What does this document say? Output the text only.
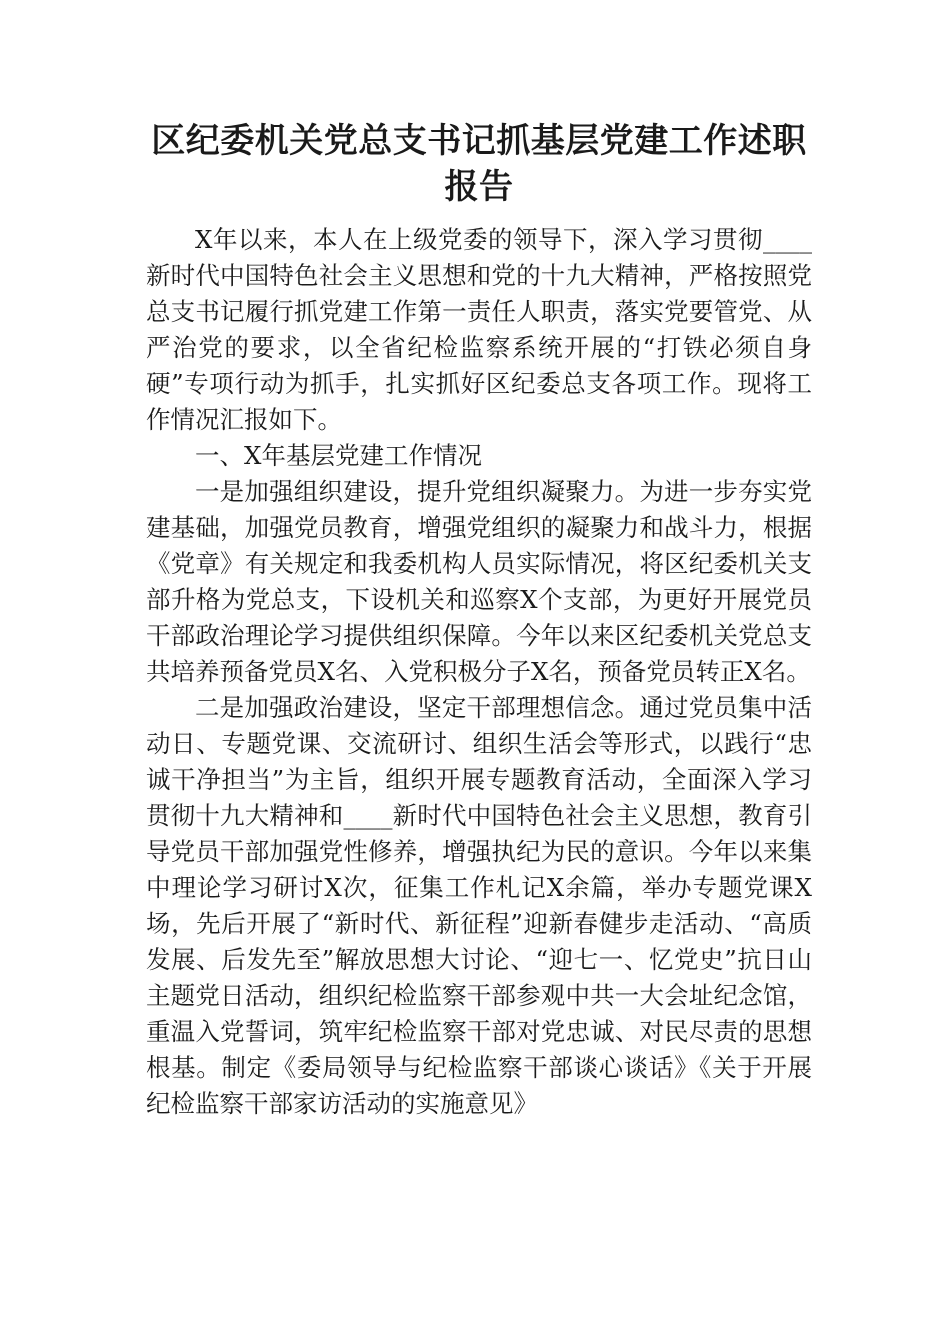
区纪委机关党总支书记抓基层党建工作述职报告

X年以来，本人在上级党委的领导下，深入学习贯彻____新时代中国特色社会主义思想和党的十九大精神，严格按照党总支书记履行抓党建工作第一责任人职责，落实党要管党、从严治党的要求，以全省纪检监察系统开展的“打铁必须自身硬”专项行动为抓手，扎实抓好区纪委总支各项工作。现将工作情况汇报如下。

一、X年基层党建工作情况

一是加强组织建设，提升党组织凝聚力。为进一步夯实党建基础，加强党员教育，增强党组织的凝聚力和战斗力，根据《党章》有关规定和我委机构人员实际情况，将区纪委机关支部升格为党总支，下设机关和巡察X个支部，为更好开展党员干部政治理论学习提供组织保障。今年以来区纪委机关党总支共培养预备党员X名、入党积极分子X名，预备党员转正X名。

二是加强政治建设，坚定干部理想信念。通过党员集中活动日、专题党课、交流研讨、组织生活会等形式，以践行“忠诚干净担当”为主旨，组织开展专题教育活动，全面深入学习贯彻十九大精神和____新时代中国特色社会主义思想，教育引导党员干部加强党性修养，增强执纪为民的意识。今年以来集中理论学习研讨X次，征集工作札记X余篇，举办专题党课X场，先后开展了“新时代、新征程”迎新春健步走活动、“高质发展、后发先至”解放思想大讨论、“迎七一、忆党史”抗日山主题党日活动，组织纪检监察干部参观中共一大会址纪念馆，重温入党誓词，筑牢纪检监察干部对党忠诚、对民尽责的思想根基。制定《委局领导与纪检监察干部谈心谈话》《关于开展纪检监察干部家访活动的实施意见》
